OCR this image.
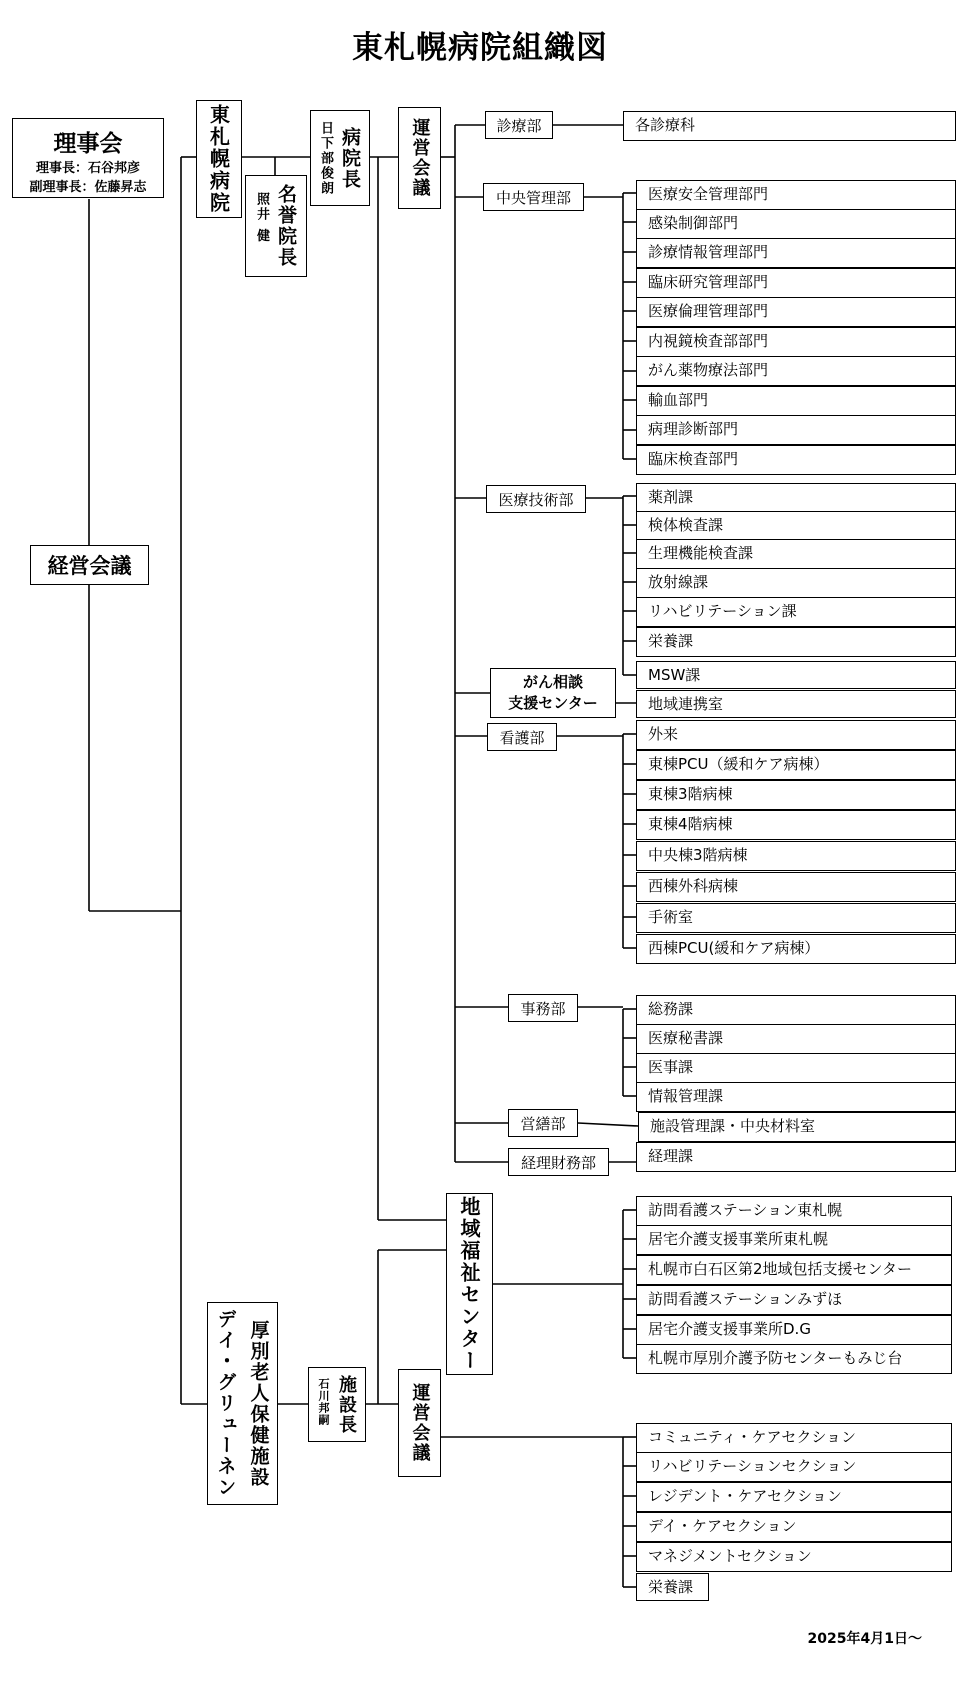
東札幌病院組織図
理事会
理事長：石谷邦彦
副理事長：佐藤昇志
経営会議
東札幌病院
照井 健 名誉院長
日下部俊朗 病院長	運営会議	診療部
中央管理部
医療技術部
がん相談
支援センター
看護部
事務部
営繕部
経理財務部
各診療科
医療安全管理部門
感染制御部門
診療情報管理部門
臨床研究管理部門
医療倫理管理部門
内視鏡検査部部門
がん薬物療法部門
輸血部門
病理診断部門
臨床検査部門
薬剤課
検体検査課
生理機能検査課
放射線課
リハビリテーション課
栄養課
MSW課
地域連携室
外来
東棟PCU（緩和ケア病棟）
東棟3階病棟
東棟4階病棟
中央棟3階病棟
西棟外科病棟
手術室
西棟PCU(緩和ケア病棟）
総務課
医療秘書課
医事課
情報管理課
施設管理課・中央材料室
経理課
地域福祉センター	訪問看護ステーション東札幌
居宅介護支援事業所東札幌
札幌市白石区第2地域包括支援センター
訪問看護ステーションみずほ
居宅介護支援事業所D.G
札幌市厚別介護予防センターもみじ台
デイ・グリューネン 厚別老人保健施設	石川邦嗣 施設長	運営会議	コミュニティ・ケアセクション
リハビリテーションセクション
レジデント・ケアセクション
デイ・ケアセクション
マネジメントセクション
栄養課
2025年4月1日～
